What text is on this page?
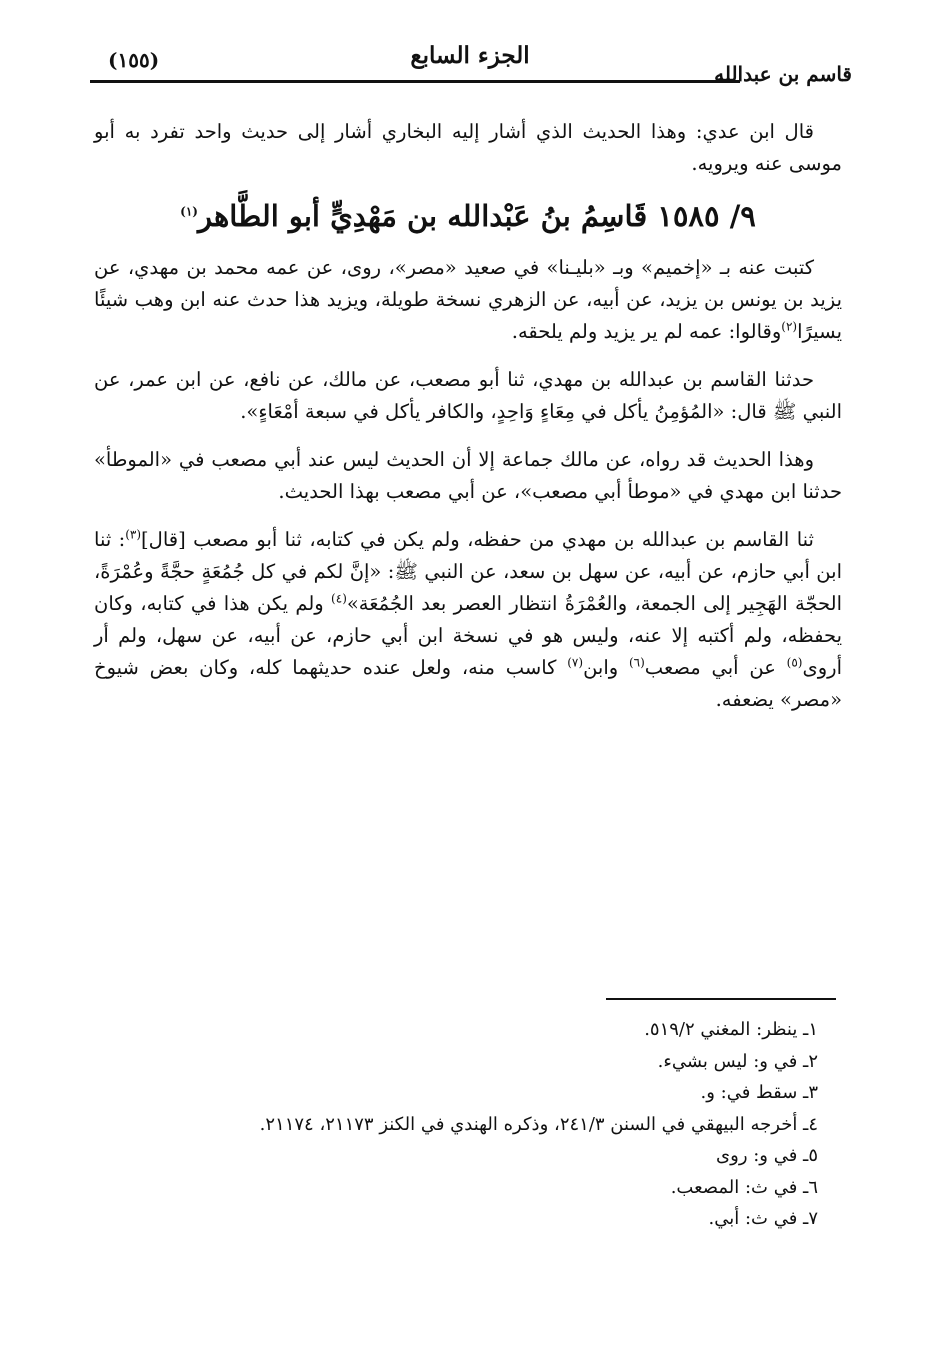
(١٥٥)	الجزء السابع
قاسم بن عبدالله

قال ابن عدي: وهذا الحديث الذي أشار إليه البخاري أشار إلى حديث واحد تفرد به أبو موسى عنه ويرويه.

٩/ ١٥٨٥ قَاسِمُ بنُ عَبْدالله بن مَهْدِيٍّ أبو الطَّاهر$^{(١)}$

كتبت عنه بـ «إخميم» وبـ «بليـنا» في صعيد «مصر»، روى، عن عمه محمد بن مهدي، عن يزيد بن يونس بن يزيد، عن أبيه، عن الزهري نسخة طويلة، ويزيد هذا حدث عنه ابن وهب شيئًا يسيرًا$^{(٢)}$وقالوا: عمه لم ير يزيد ولم يلحقه.

حدثنا القاسم بن عبدالله بن مهدي، ثنا أبو مصعب، عن مالك، عن نافع، عن ابن عمر، عن النبي ﷺ قال: «المُؤمِنُ يأكل في مِعَاءٍ وَاحِدٍ، والكافر يأكل في سبعة أمْعَاءٍ».

وهذا الحديث قد رواه، عن مالك جماعة إلا أن الحديث ليس عند أبي مصعب في «الموطأ» حدثنا ابن مهدي في «موطأ أبي مصعب»، عن أبي مصعب بهذا الحديث.

ثنا القاسم بن عبدالله بن مهدي من حفظه، ولم يكن في كتابه، ثنا أبو مصعب [قال]$^{(٣)}$: ثنا ابن أبي حازم، عن أبيه، عن سهل بن سعد، عن النبي ﷺ: «إنَّ لكم في كل جُمُعَةٍ حجَّةً وعُمْرَةً، الحجّة الهَجِير إلى الجمعة، والعُمْرَةُ انتظار العصر بعد الجُمُعَة»$^{(٤)}$ ولم يكن هذا في كتابه، وكان يحفظه، ولم أكتبه إلا عنه، وليس هو في نسخة ابن أبي حازم، عن أبيه، عن سهل، ولم أر أروى$^{(٥)}$ عن أبي مصعب$^{(٦)}$ وابن$^{(٧)}$ كاسب منه، ولعل عنده حديثهما كله، وكان بعض شيوخ «مصر» يضعفه.

١ـ ينظر: المغني ٥١٩/٢.

٢ـ في و: ليس بشيء.

٣ـ سقط في: و.

٤ـ أخرجه البيهقي في السنن ٢٤١/٣، وذكره الهندي في الكنز ٢١١٧٣، ٢١١٧٤.

٥ـ في و: روى

٦ـ في ث: المصعب.

٧ـ في ث: أبي.
